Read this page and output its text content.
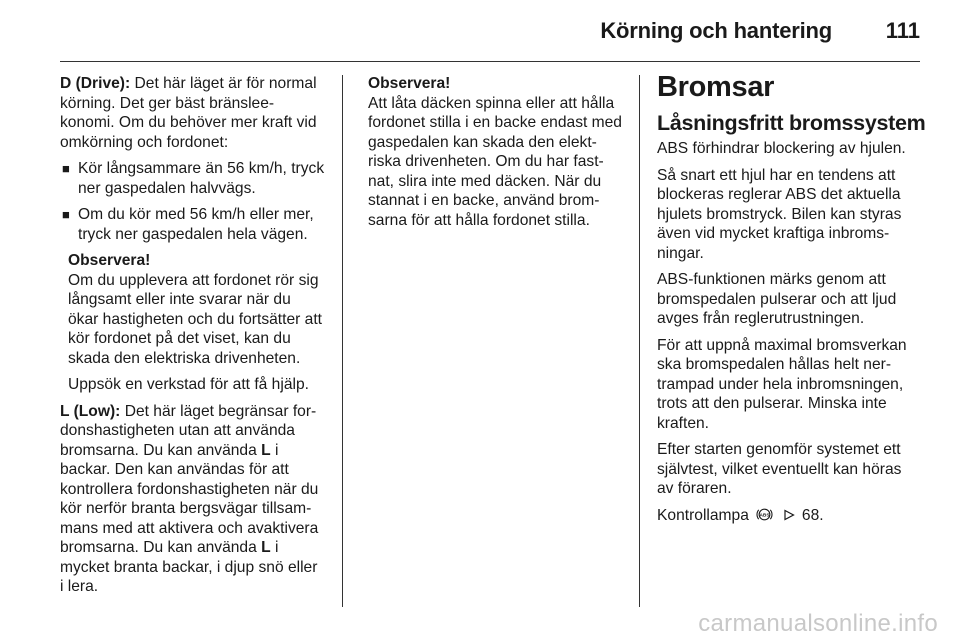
Körning och hantering 111

D (Drive): Det här läget är för normal
körning. Det ger bäst bränslee-
konomi. Om du behöver mer kraft vid
omkörning och fordonet:

■ Kör långsammare än 56 km/h, tryck
ner gaspedalen halvvägs.
■ Om du kör med 56 km/h eller mer,
tryck ner gaspedalen hela vägen.

Observera!
Om du upplevera att fordonet rör sig
långsamt eller inte svarar när du
ökar hastigheten och du fortsätter att
kör fordonet på det viset, kan du
skada den elektriska drivenheten.

Uppsök en verkstad för att få hjälp.

L (Low): Det här läget begränsar for-
donshastigheten utan att använda
bromsarna. Du kan använda L i
backar. Den kan användas för att
kontrollera fordonshastigheten när du
kör nerför branta bergsvägar tillsam-
mans med att aktivera och avaktivera
bromsarna. Du kan använda L i
mycket branta backar, i djup snö eller
i lera.

Observera!
Att låta däcken spinna eller att hålla
fordonet stilla i en backe endast med
gaspedalen kan skada den elekt-
riska drivenheten. Om du har fast-
nat, slira inte med däcken. När du
stannat i en backe, använd brom-
sarna för att hålla fordonet stilla.

Bromsar
Låsningsfritt bromssystem

ABS förhindrar blockering av hjulen.

Så snart ett hjul har en tendens att
blockeras reglerar ABS det aktuella
hjulets bromstryck. Bilen kan styras
även vid mycket kraftiga inbroms-
ningar.

ABS-funktionen märks genom att
bromspedalen pulserar och att ljud
avges från reglerutrustningen.

För att uppnå maximal bromsverkan
ska bromspedalen hållas helt ner-
trampad under hela inbromsningen,
trots att den pulserar. Minska inte
kraften.

Efter starten genomför systemet ett
självtest, vilket eventuellt kan höras
av föraren.

Kontrollampa ABS 68.

carmanualsonline.info
